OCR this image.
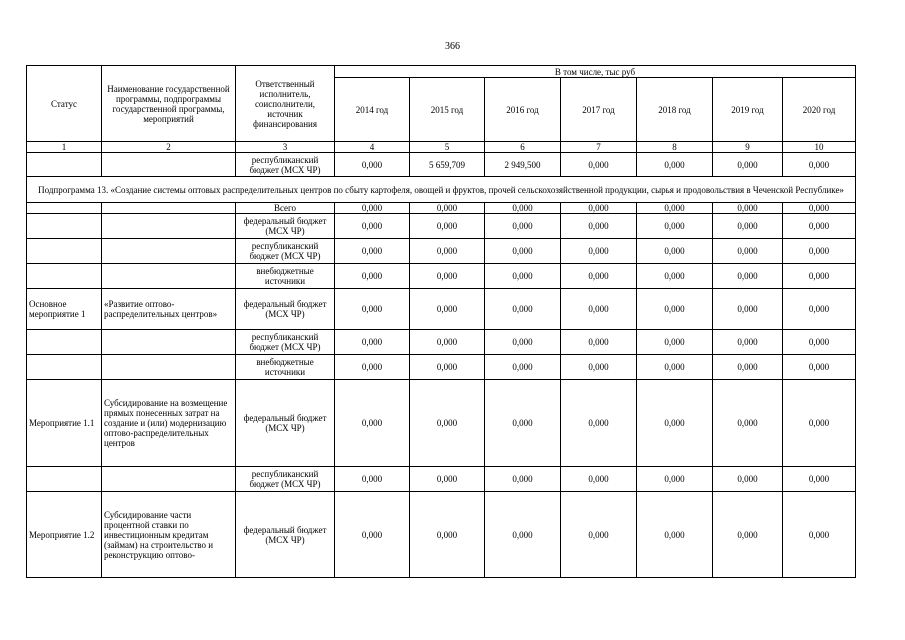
366
Статус	Наименование государственной программы, подпрограммы государственной программы, мероприятий	Ответственный исполнитель, соисполнители, источник финансирования	В том числе, тыс руб						
			2014 год	2015 год	2016 год	2017 год	2018 год	2019 год	2020 год
1	2	3	4	5	6	7	8	9	10
		республиканский бюджет (МСХ ЧР)	0,000	5 659,709	2 949,500	0,000	0,000	0,000	0,000
Подпрограмма 13. «Создание системы оптовых распределительных центров по сбыту картофеля, овощей и фруктов, прочей сельскохозяйственной продукции, сырья и продовольствия в Чеченской Республике»									
		Всего	0,000	0,000	0,000	0,000	0,000	0,000	0,000
		федеральный бюджет (МСХ ЧР)	0,000	0,000	0,000	0,000	0,000	0,000	0,000
		республиканский бюджет (МСХ ЧР)	0,000	0,000	0,000	0,000	0,000	0,000	0,000
		внебюджетные источники	0,000	0,000	0,000	0,000	0,000	0,000	0,000
Основное мероприятие 1	«Развитие оптово-распределительных центров»	федеральный бюджет (МСХ ЧР)	0,000	0,000	0,000	0,000	0,000	0,000	0,000
		республиканский бюджет (МСХ ЧР)	0,000	0,000	0,000	0,000	0,000	0,000	0,000
		внебюджетные источники	0,000	0,000	0,000	0,000	0,000	0,000	0,000
Мероприятие 1.1	Субсидирование на возмещение прямых понесенных затрат на создание и (или) модернизацию оптово-распределительных центров	федеральный бюджет (МСХ ЧР)	0,000	0,000	0,000	0,000	0,000	0,000	0,000
		республиканский бюджет (МСХ ЧР)	0,000	0,000	0,000	0,000	0,000	0,000	0,000
Мероприятие 1.2	Субсидирование части процентной ставки по инвестиционным кредитам (займам) на строительство и реконструкцию оптово-	федеральный бюджет (МСХ ЧР)	0,000	0,000	0,000	0,000	0,000	0,000	0,000
